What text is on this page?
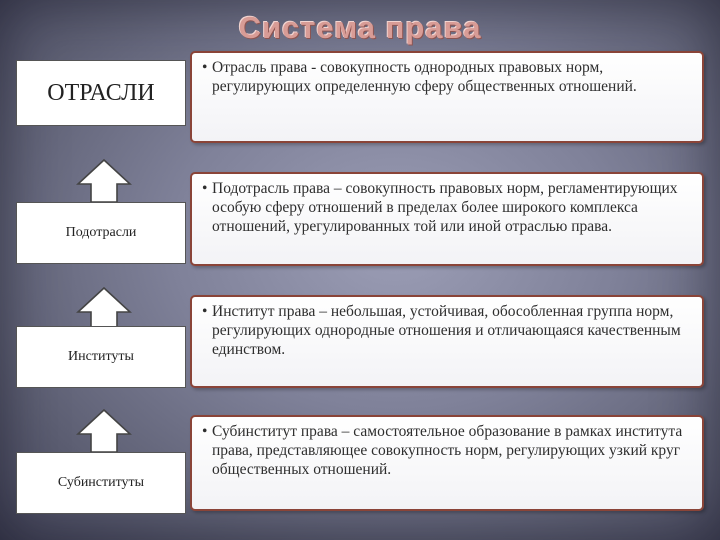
Система права
ОТРАСЛИ
Подотрасли
Институты
Субинституты
• Отрасль права - совокупность однородных правовых норм, регулирующих определенную сферу общественных отношений.
• Подотрасль права – совокупность правовых норм, регламентирующих особую сферу отношений в пределах более широкого комплекса отношений, урегулированных той или иной отраслью права.
• Институт права – небольшая, устойчивая, обособленная группа норм, регулирующих однородные отношения и отличающаяся качественным единством.
• Субинститут права – самостоятельное образование в рамках института права, представляющее совокупность норм, регулирующих узкий круг общественных отношений.
